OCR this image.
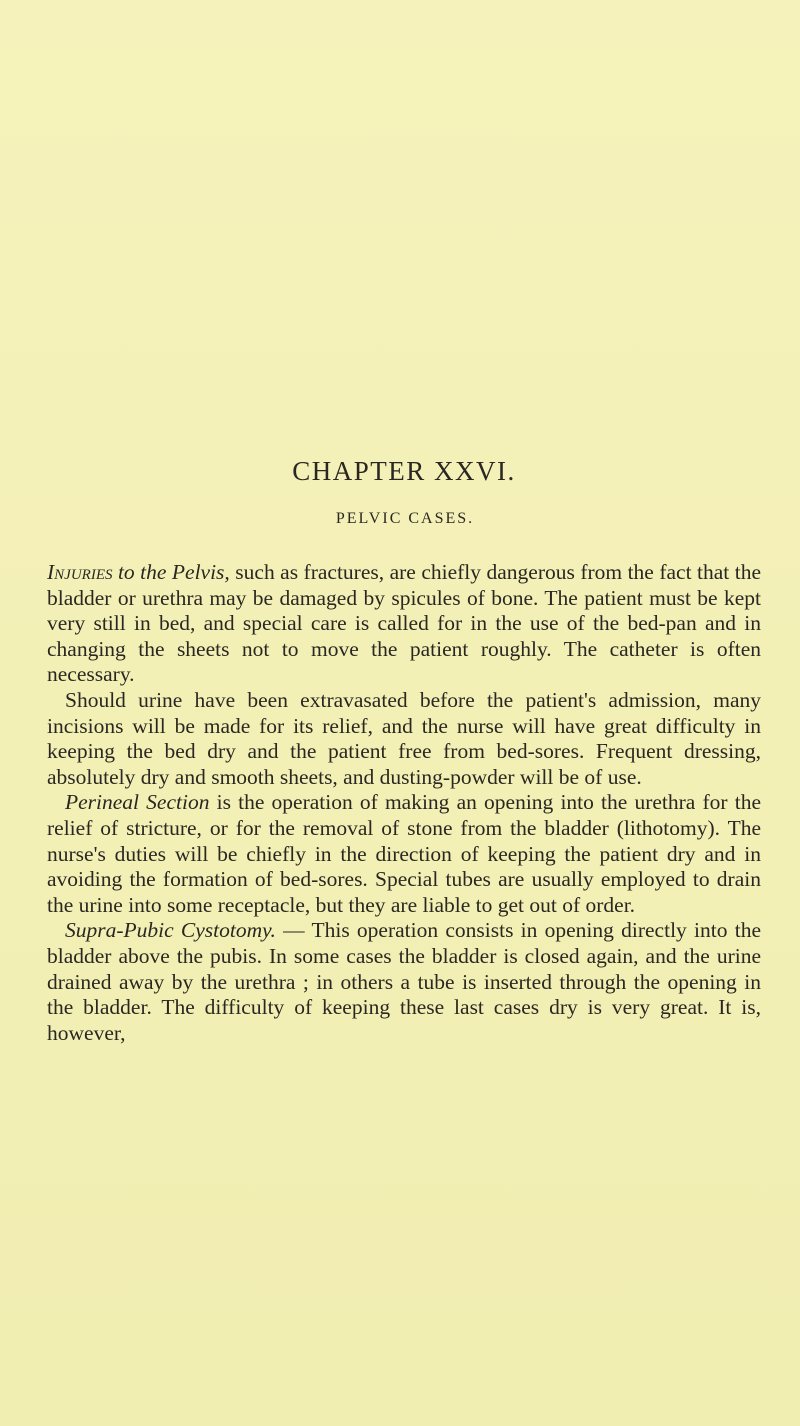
CHAPTER XXVI.
PELVIC CASES.

Injuries to the Pelvis, such as fractures, are chiefly dangerous from the fact that the bladder or urethra may be damaged by spicules of bone. The patient must be kept very still in bed, and special care is called for in the use of the bed-pan and in changing the sheets not to move the patient roughly. The catheter is often necessary.

Should urine have been extravasated before the patient's admission, many incisions will be made for its relief, and the nurse will have great difficulty in keeping the bed dry and the patient free from bed-sores. Frequent dressing, absolutely dry and smooth sheets, and dusting-powder will be of use.

Perineal Section is the operation of making an opening into the urethra for the relief of stricture, or for the removal of stone from the bladder (lithotomy). The nurse's duties will be chiefly in the direction of keeping the patient dry and in avoiding the formation of bed-sores. Special tubes are usually employed to drain the urine into some receptacle, but they are liable to get out of order.

Supra-Pubic Cystotomy. — This operation consists in opening directly into the bladder above the pubis. In some cases the bladder is closed again, and the urine drained away by the urethra ; in others a tube is inserted through the opening in the bladder. The difficulty of keeping these last cases dry is very great. It is, however,
